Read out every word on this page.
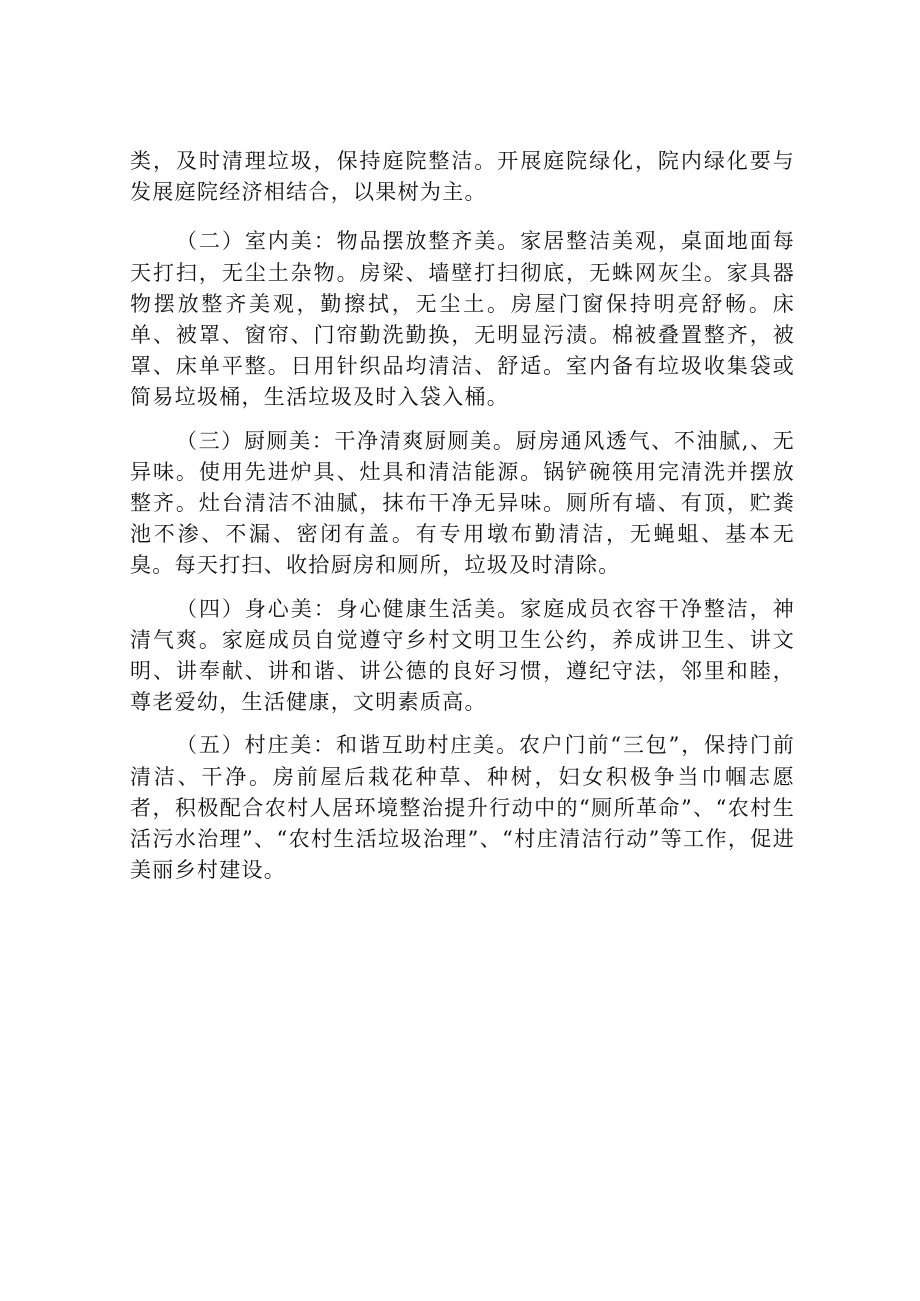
类，及时清理垃圾，保持庭院整洁。开展庭院绿化，院内绿化要与发展庭院经济相结合，以果树为主。

（二）室内美：物品摆放整齐美。家居整洁美观，桌面地面每天打扫，无尘土杂物。房梁、墙壁打扫彻底，无蛛网灰尘。家具器物摆放整齐美观，勤擦拭，无尘土。房屋门窗保持明亮舒畅。床单、被罩、窗帘、门帘勤洗勤换，无明显污渍。棉被叠置整齐，被罩、床单平整。日用针织品均清洁、舒适。室内备有垃圾收集袋或简易垃圾桶，生活垃圾及时入袋入桶。

（三）厨厕美：干净清爽厨厕美。厨房通风透气、不油腻,、无异味。使用先进炉具、灶具和清洁能源。锅铲碗筷用完清洗并摆放整齐。灶台清洁不油腻，抹布干净无异味。厕所有墙、有顶，贮粪池不渗、不漏、密闭有盖。有专用墩布勤清洁，无蝇蛆、基本无臭。每天打扫、收拾厨房和厕所，垃圾及时清除。

（四）身心美：身心健康生活美。家庭成员衣容干净整洁，神清气爽。家庭成员自觉遵守乡村文明卫生公约，养成讲卫生、讲文明、讲奉献、讲和谐、讲公德的良好习惯，遵纪守法，邻里和睦，尊老爱幼，生活健康，文明素质高。

（五）村庄美：和谐互助村庄美。农户门前“三包”，保持门前清洁、干净。房前屋后栽花种草、种树，妇女积极争当巾帼志愿者，积极配合农村人居环境整治提升行动中的“厕所革命”、“农村生活污水治理”、“农村生活垃圾治理”、“村庄清洁行动”等工作，促进美丽乡村建设。
